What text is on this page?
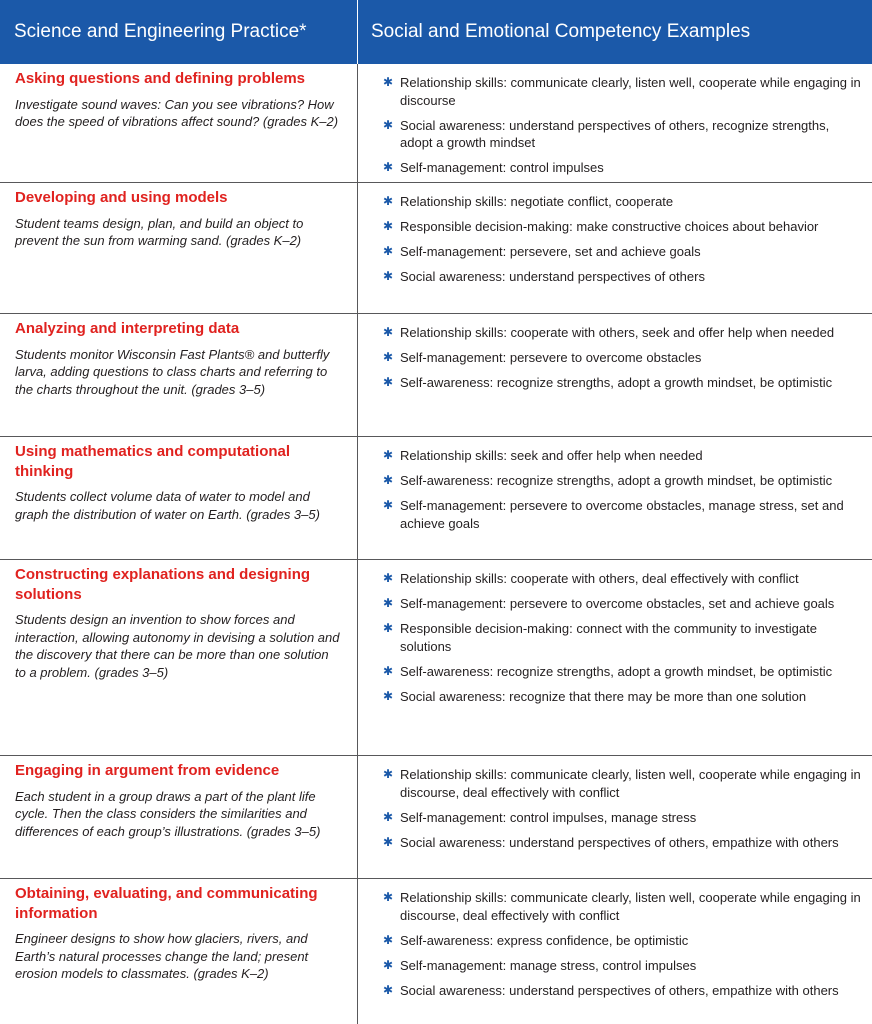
Science and Engineering Practice*	Social and Emotional Competency Examples
Asking questions and defining problems
Investigate sound waves: Can you see vibrations? How does the speed of vibrations affect sound? (grades K–2)
✱ Relationship skills: communicate clearly, listen well, cooperate while engaging in discourse
✱ Social awareness: understand perspectives of others, recognize strengths, adopt a growth mindset
✱ Self-management: control impulses
Developing and using models
Student teams design, plan, and build an object to prevent the sun from warming sand. (grades K–2)
✱ Relationship skills: negotiate conflict, cooperate
✱ Responsible decision-making: make constructive choices about behavior
✱ Self-management: persevere, set and achieve goals
✱ Social awareness: understand perspectives of others
Analyzing and interpreting data
Students monitor Wisconsin Fast Plants® and butterfly larva, adding questions to class charts and referring to the charts throughout the unit. (grades 3–5)
✱ Relationship skills: cooperate with others, seek and offer help when needed
✱ Self-management: persevere to overcome obstacles
✱ Self-awareness: recognize strengths, adopt a growth mindset, be optimistic
Using mathematics and computational thinking
Students collect volume data of water to model and graph the distribution of water on Earth. (grades 3–5)
✱ Relationship skills: seek and offer help when needed
✱ Self-awareness: recognize strengths, adopt a growth mindset, be optimistic
✱ Self-management: persevere to overcome obstacles, manage stress, set and achieve goals
Constructing explanations and designing solutions
Students design an invention to show forces and interaction, allowing autonomy in devising a solution and the discovery that there can be more than one solution to a problem. (grades 3–5)
✱ Relationship skills: cooperate with others, deal effectively with conflict
✱ Self-management: persevere to overcome obstacles, set and achieve goals
✱ Responsible decision-making: connect with the community to investigate solutions
✱ Self-awareness: recognize strengths, adopt a growth mindset, be optimistic
✱ Social awareness: recognize that there may be more than one solution
Engaging in argument from evidence
Each student in a group draws a part of the plant life cycle. Then the class considers the similarities and differences of each group’s illustrations. (grades 3–5)
✱ Relationship skills: communicate clearly, listen well, cooperate while engaging in discourse, deal effectively with conflict
✱ Self-management: control impulses, manage stress
✱ Social awareness: understand perspectives of others, empathize with others
Obtaining, evaluating, and communicating information
Engineer designs to show how glaciers, rivers, and Earth’s natural processes change the land; present erosion models to classmates. (grades K–2)
✱ Relationship skills: communicate clearly, listen well, cooperate while engaging in discourse, deal effectively with conflict
✱ Self-awareness: express confidence, be optimistic
✱ Self-management: manage stress, control impulses
✱ Social awareness: understand perspectives of others, empathize with others
